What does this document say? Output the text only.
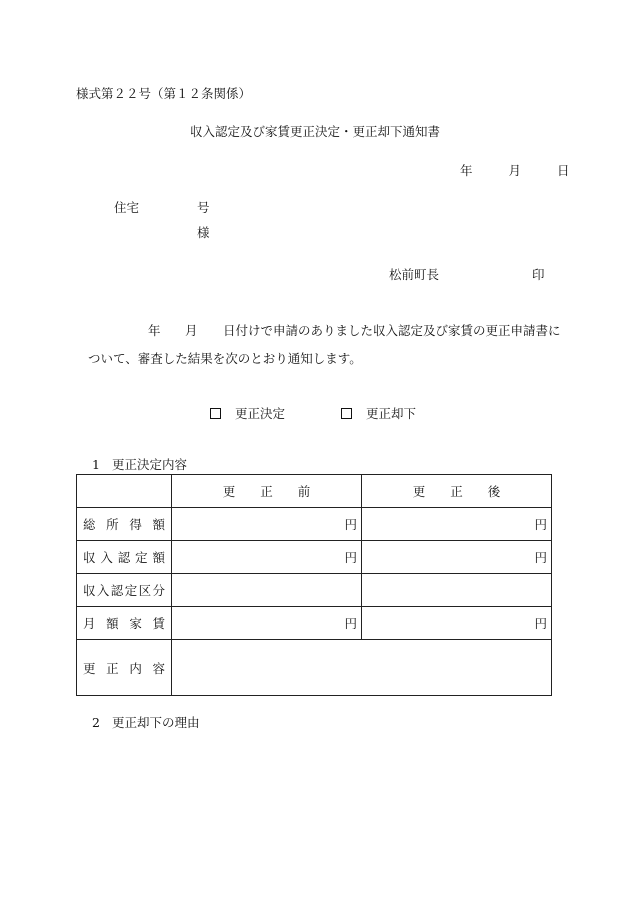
様式第２２号（第１２条関係）
収入認定及び家賃更正決定・更正却下通知書
年	月	日
住宅	号
様
松前町長	印
年	月	日付けで申請のありました収入認定及び家賃の更正申請書に
ついて、審査した結果を次のとおり通知します。
更正決定	更正却下
1 更正決定内容
	更　　正　　前	更　　正　　後
総所得額	円	円
収入認定額	円	円
収入認定区分		
月額家賃	円	円
更正内容		
2 更正却下の理由
